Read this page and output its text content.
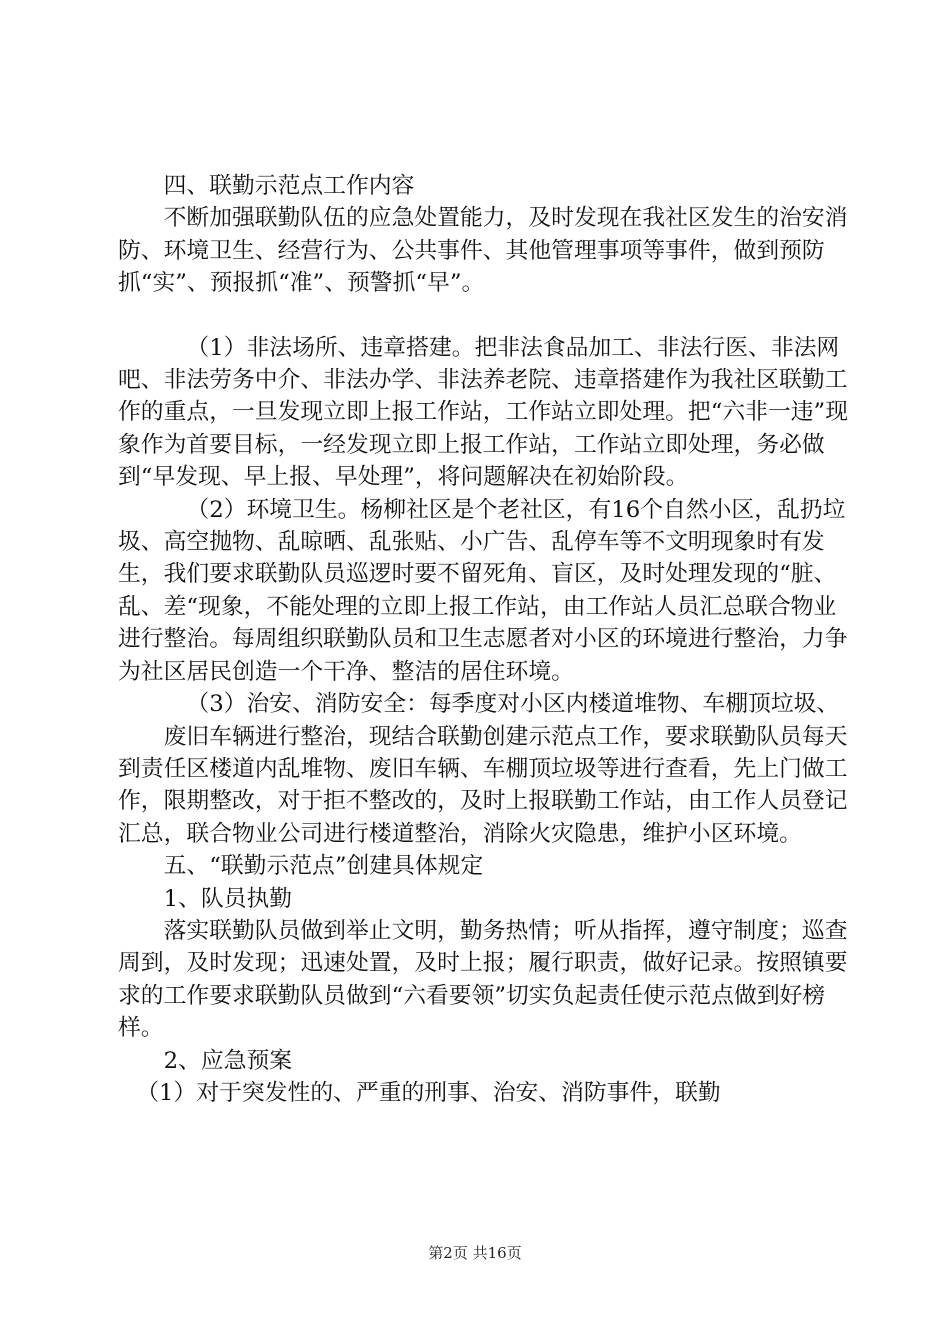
四、联勤示范点工作内容

不断加强联勤队伍的应急处置能力，及时发现在我社区发生的治安消防、环境卫生、经营行为、公共事件、其他管理事项等事件，做到预防抓“实”、预报抓“准”、预警抓“早”。

（1）非法场所、违章搭建。把非法食品加工、非法行医、非法网吧、非法劳务中介、非法办学、非法养老院、违章搭建作为我社区联勤工作的重点，一旦发现立即上报工作站，工作站立即处理。把“六非一违”现象作为首要目标，一经发现立即上报工作站，工作站立即处理，务必做到“早发现、早上报、早处理”，将问题解决在初始阶段。

（2）环境卫生。杨柳社区是个老社区，有16个自然小区，乱扔垃圾、高空抛物、乱晾晒、乱张贴、小广告、乱停车等不文明现象时有发生，我们要求联勤队员巡逻时要不留死角、盲区，及时处理发现的“脏、乱、差“现象，不能处理的立即上报工作站，由工作站人员汇总联合物业进行整治。每周组织联勤队员和卫生志愿者对小区的环境进行整治，力争为社区居民创造一个干净、整洁的居住环境。

（3）治安、消防安全：每季度对小区内楼道堆物、车棚顶垃圾、

废旧车辆进行整治，现结合联勤创建示范点工作，要求联勤队员每天到责任区楼道内乱堆物、废旧车辆、车棚顶垃圾等进行查看，先上门做工作，限期整改，对于拒不整改的，及时上报联勤工作站，由工作人员登记汇总，联合物业公司进行楼道整治，消除火灾隐患，维护小区环境。

五、“联勤示范点”创建具体规定

1、队员执勤

落实联勤队员做到举止文明，勤务热情；听从指挥，遵守制度；巡查周到，及时发现；迅速处置，及时上报；履行职责，做好记录。按照镇要求的工作要求联勤队员做到“六看要领”切实负起责任使示范点做到好榜样。

2、应急预案

（1）对于突发性的、严重的刑事、治安、消防事件，联勤

第2页 共16页
